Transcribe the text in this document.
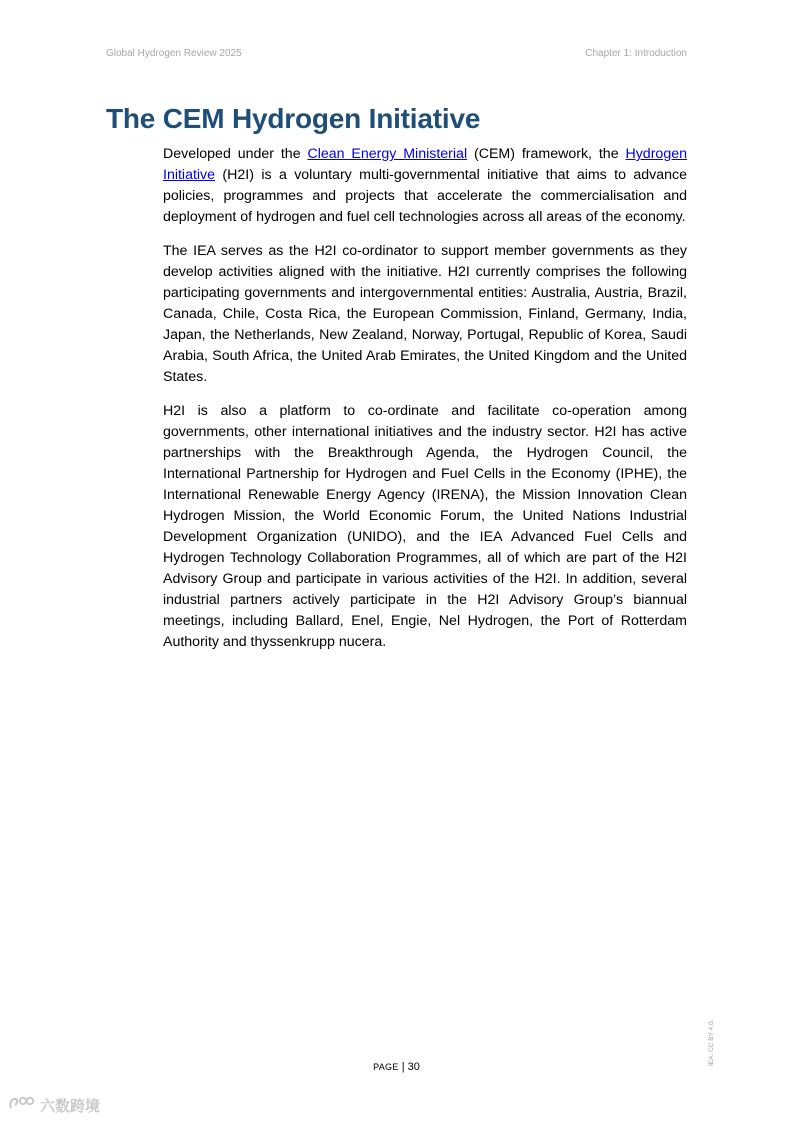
Global Hydrogen Review 2025	Chapter 1: Introduction
The CEM Hydrogen Initiative

Developed under the Clean Energy Ministerial (CEM) framework, the Hydrogen Initiative (H2I) is a voluntary multi-governmental initiative that aims to advance policies, programmes and projects that accelerate the commercialisation and deployment of hydrogen and fuel cell technologies across all areas of the economy.

The IEA serves as the H2I co-ordinator to support member governments as they develop activities aligned with the initiative. H2I currently comprises the following participating governments and intergovernmental entities: Australia, Austria, Brazil, Canada, Chile, Costa Rica, the European Commission, Finland, Germany, India, Japan, the Netherlands, New Zealand, Norway, Portugal, Republic of Korea, Saudi Arabia, South Africa, the United Arab Emirates, the United Kingdom and the United States.

H2I is also a platform to co-ordinate and facilitate co-operation among governments, other international initiatives and the industry sector. H2I has active partnerships with the Breakthrough Agenda, the Hydrogen Council, the International Partnership for Hydrogen and Fuel Cells in the Economy (IPHE), the International Renewable Energy Agency (IRENA), the Mission Innovation Clean Hydrogen Mission, the World Economic Forum, the United Nations Industrial Development Organization (UNIDO), and the IEA Advanced Fuel Cells and Hydrogen Technology Collaboration Programmes, all of which are part of the H2I Advisory Group and participate in various activities of the H2I. In addition, several industrial partners actively participate in the H2I Advisory Group’s biannual meetings, including Ballard, Enel, Engie, Nel Hydrogen, the Port of Rotterdam Authority and thyssenkrupp nucera.

PAGE | 30
IEA. CC BY 4.0.
六数跨境
